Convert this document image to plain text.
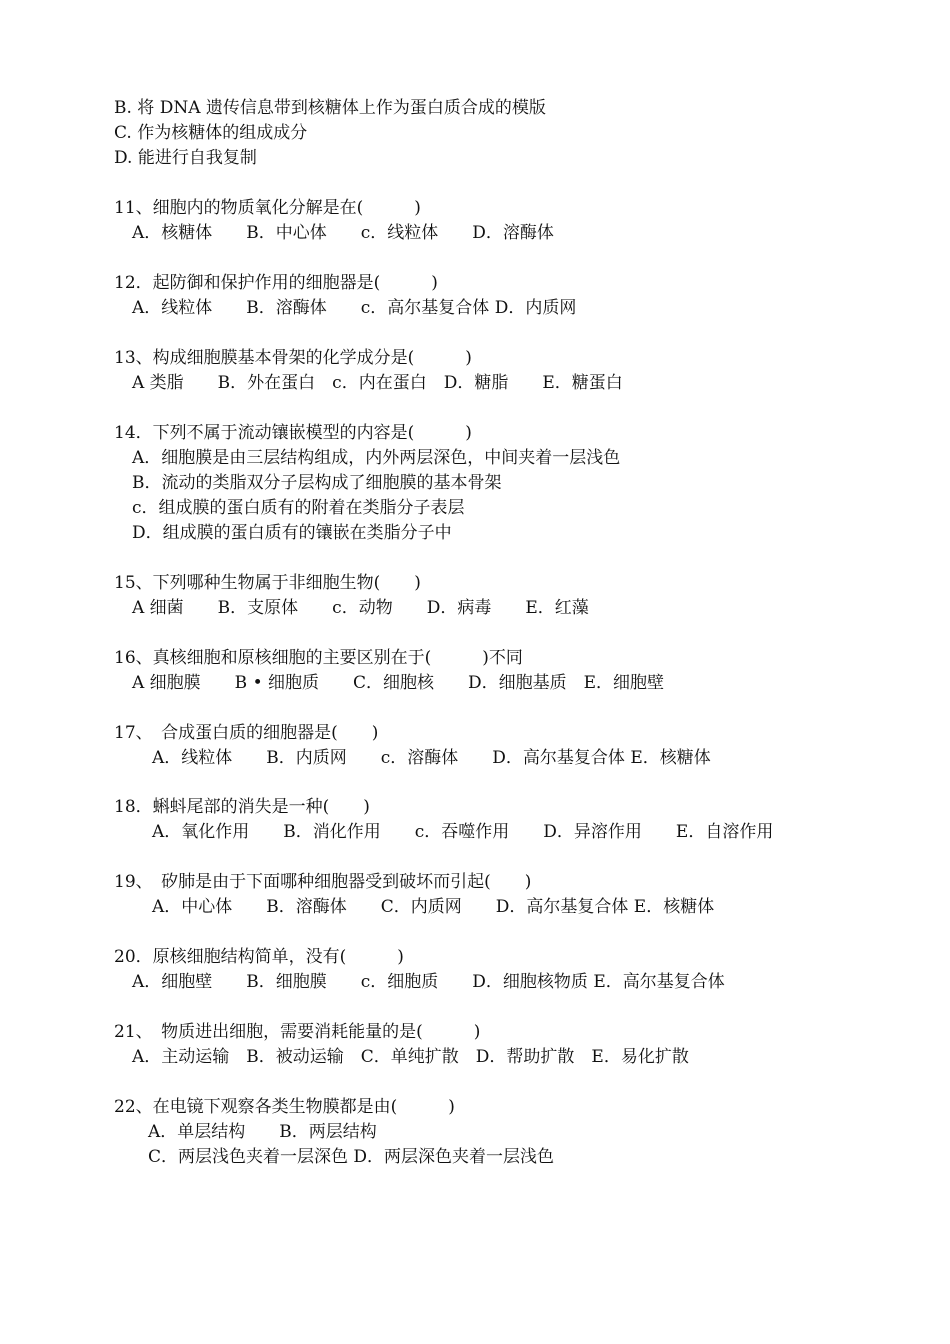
B. 将 DNA 遗传信息带到核糖体上作为蛋白质合成的模版
C. 作为核糖体的组成成分
D. 能进行自我复制
11、细胞内的物质氧化分解是在(　　　)
A．核糖体　　B．中心体　　c．线粒体　　D．溶酶体
12．起防御和保护作用的细胞器是(　　　)
A．线粒体　　B．溶酶体　　c．高尔基复合体 D．内质网
13、构成细胞膜基本骨架的化学成分是(　　　)
A 类脂　　B．外在蛋白　c．内在蛋白　D．糖脂　　E．糖蛋白
14．下列不属于流动镶嵌模型的内容是(　　　)
A．细胞膜是由三层结构组成，内外两层深色，中间夹着一层浅色
B．流动的类脂双分子层构成了细胞膜的基本骨架
c．组成膜的蛋白质有的附着在类脂分子表层
D．组成膜的蛋白质有的镶嵌在类脂分子中
15、下列哪种生物属于非细胞生物(　　)
A 细菌　　B．支原体　　c．动物　　D．病毒　　E．红藻
16、真核细胞和原核细胞的主要区别在于(　　　)不同
A 细胞膜　　B • 细胞质　　C．细胞核　　D．细胞基质　E．细胞壁
17、　合成蛋白质的细胞器是(　　)
A．线粒体　　B．内质网　　c．溶酶体　　D．高尔基复合体 E．核糖体
18．蝌蚪尾部的消失是一种(　　)
A．氧化作用　　B．消化作用　　c．吞噬作用　　D．异溶作用　　E．自溶作用
19、　矽肺是由于下面哪种细胞器受到破坏而引起(　　)
A．中心体　　B．溶酶体　　C．内质网　　D．高尔基复合体 E．核糖体
20．原核细胞结构简单，没有(　　　)
A．细胞壁　　B．细胞膜　　c．细胞质　　D．细胞核物质 E．高尔基复合体
21、　物质进出细胞，需要消耗能量的是(　　　)
A．主动运输　B．被动运输　C．单纯扩散　D．帮助扩散　E．易化扩散
22、在电镜下观察各类生物膜都是由(　　　)
A．单层结构　　B．两层结构
C．两层浅色夹着一层深色 D．两层深色夹着一层浅色
